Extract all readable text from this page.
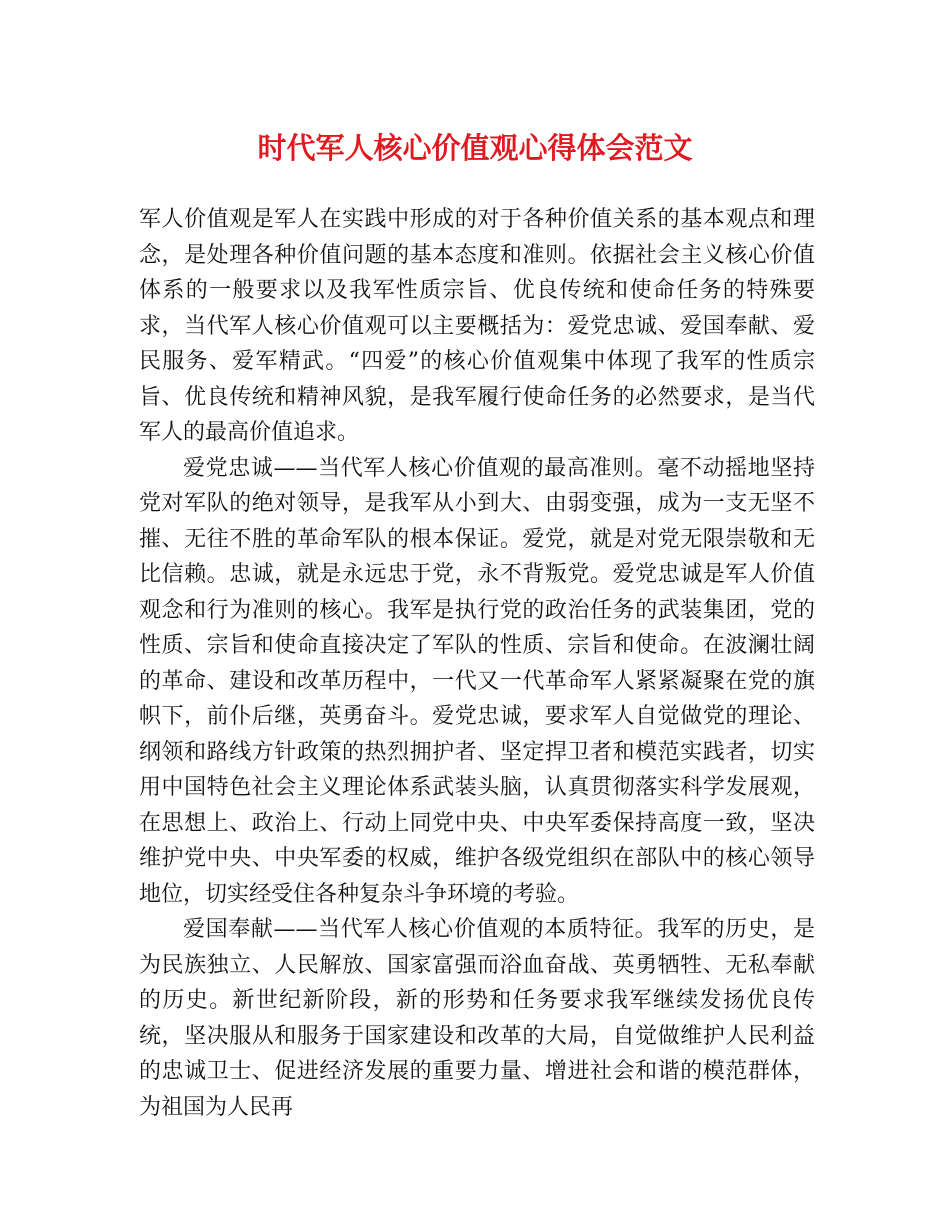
时代军人核心价值观心得体会范文

军人价值观是军人在实践中形成的对于各种价值关系的基本观点和理念，是处理各种价值问题的基本态度和准则。依据社会主义核心价值体系的一般要求以及我军性质宗旨、优良传统和使命任务的特殊要求，当代军人核心价值观可以主要概括为：爱党忠诚、爱国奉献、爱民服务、爱军精武。“四爱”的核心价值观集中体现了我军的性质宗旨、优良传统和精神风貌，是我军履行使命任务的必然要求，是当代军人的最高价值追求。

爱党忠诚——当代军人核心价值观的最高准则。毫不动摇地坚持党对军队的绝对领导，是我军从小到大、由弱变强，成为一支无坚不摧、无往不胜的革命军队的根本保证。爱党，就是对党无限崇敬和无比信赖。忠诚，就是永远忠于党，永不背叛党。爱党忠诚是军人价值观念和行为准则的核心。我军是执行党的政治任务的武装集团，党的性质、宗旨和使命直接决定了军队的性质、宗旨和使命。在波澜壮阔的革命、建设和改革历程中，一代又一代革命军人紧紧凝聚在党的旗帜下，前仆后继，英勇奋斗。爱党忠诚，要求军人自觉做党的理论、纲领和路线方针政策的热烈拥护者、坚定捍卫者和模范实践者，切实用中国特色社会主义理论体系武装头脑，认真贯彻落实科学发展观，在思想上、政治上、行动上同党中央、中央军委保持高度一致，坚决维护党中央、中央军委的权威，维护各级党组织在部队中的核心领导地位，切实经受住各种复杂斗争环境的考验。

爱国奉献——当代军人核心价值观的本质特征。我军的历史，是为民族独立、人民解放、国家富强而浴血奋战、英勇牺牲、无私奉献的历史。新世纪新阶段，新的形势和任务要求我军继续发扬优良传统，坚决服从和服务于国家建设和改革的大局，自觉做维护人民利益的忠诚卫士、促进经济发展的重要力量、增进社会和谐的模范群体，为祖国为人民再
